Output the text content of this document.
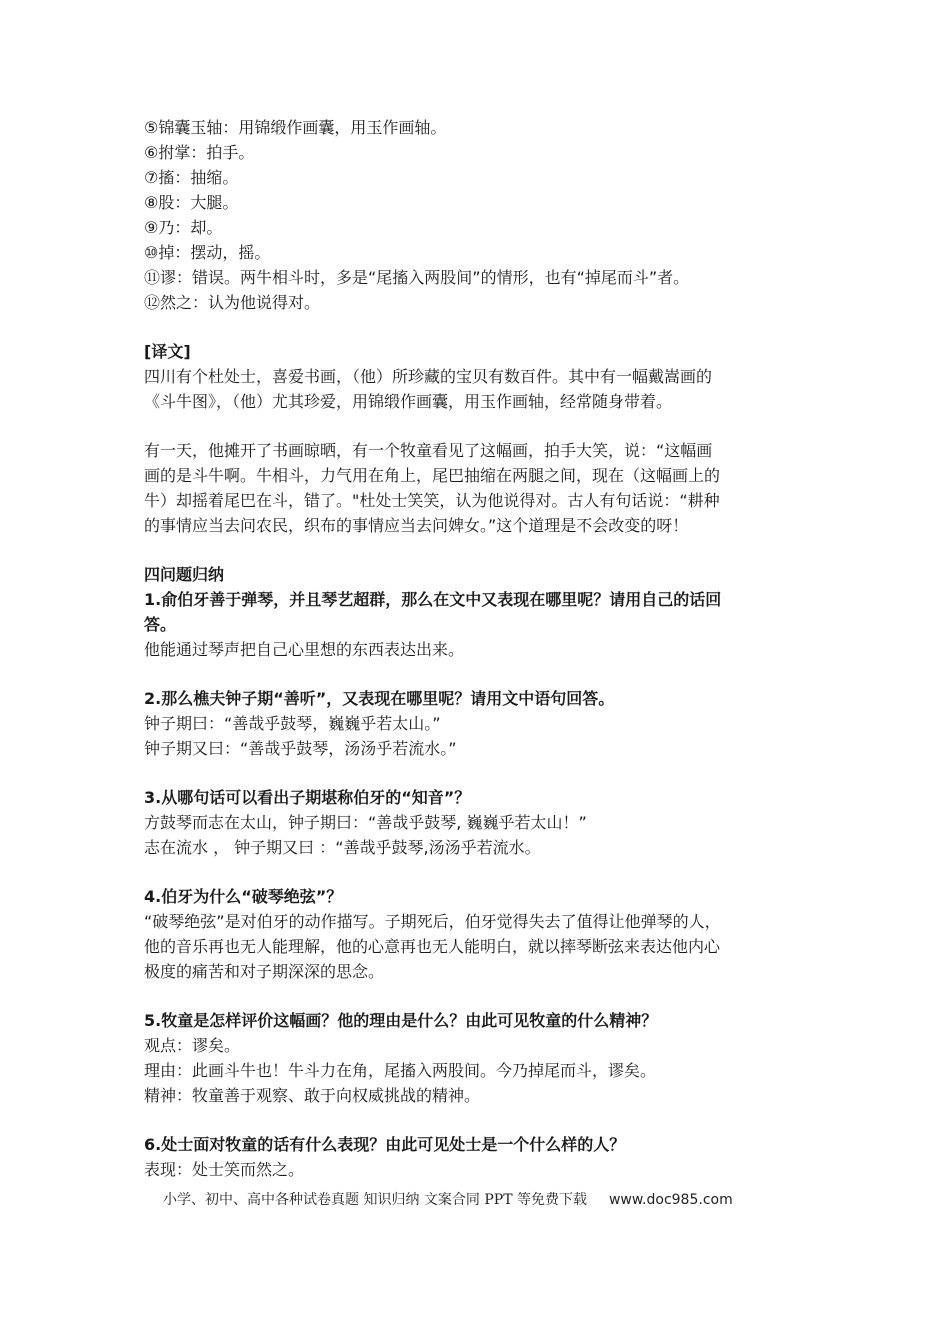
⑤锦囊玉轴：用锦缎作画囊，用玉作画轴。
⑥拊掌：拍手。
⑦搐：抽缩。
⑧股：大腿。
⑨乃：却。
⑩掉：摆动，摇。
⑪谬：错误。两牛相斗时，多是“尾搐入两股间”的情形，也有“掉尾而斗”者。
⑫然之：认为他说得对。
[译文]
四川有个杜处士，喜爱书画，（他）所珍藏的宝贝有数百件。其中有一幅戴嵩画的
《斗牛图》，（他）尤其珍爱，用锦缎作画囊，用玉作画轴，经常随身带着。
有一天，他摊开了书画晾晒，有一个牧童看见了这幅画，拍手大笑，说：“这幅画
画的是斗牛啊。牛相斗，力气用在角上，尾巴抽缩在两腿之间，现在（这幅画上的
牛）却摇着尾巴在斗，错了。"杜处士笑笑，认为他说得对。古人有句话说：“耕种
的事情应当去问农民，织布的事情应当去问婢女。”这个道理是不会改变的呀！
四问题归纳
1.俞伯牙善于弹琴，并且琴艺超群，那么在文中又表现在哪里呢？请用自己的话回
答。
他能通过琴声把自己心里想的东西表达出来。
2.那么樵夫钟子期“善听”，又表现在哪里呢？请用文中语句回答。
钟子期曰：“善哉乎鼓琴，巍巍乎若太山。”
钟子期又曰：“善哉乎鼓琴，汤汤乎若流水。”
3.从哪句话可以看出子期堪称伯牙的“知音”？
方鼓琴而志在太山，钟子期曰：“善哉乎鼓琴, 巍巍乎若太山！”
志在流水 ， 钟子期又曰 ：“善哉乎鼓琴,汤汤乎若流水。
4.伯牙为什么“破琴绝弦”？
“破琴绝弦”是对伯牙的动作描写。子期死后，伯牙觉得失去了值得让他弹琴的人，
他的音乐再也无人能理解，他的心意再也无人能明白，就以摔琴断弦来表达他内心
极度的痛苦和对子期深深的思念。
5.牧童是怎样评价这幅画？他的理由是什么？由此可见牧童的什么精神？
观点：谬矣。
理由：此画斗牛也！牛斗力在角，尾搐入两股间。今乃掉尾而斗，谬矣。
精神：牧童善于观察、敢于向权威挑战的精神。
6.处士面对牧童的话有什么表现？由此可见处士是一个什么样的人？
表现：处士笑而然之。
小学、初中、高中各种试卷真题 知识归纳 文案合同 PPT 等免费下载 www.doc985.com
